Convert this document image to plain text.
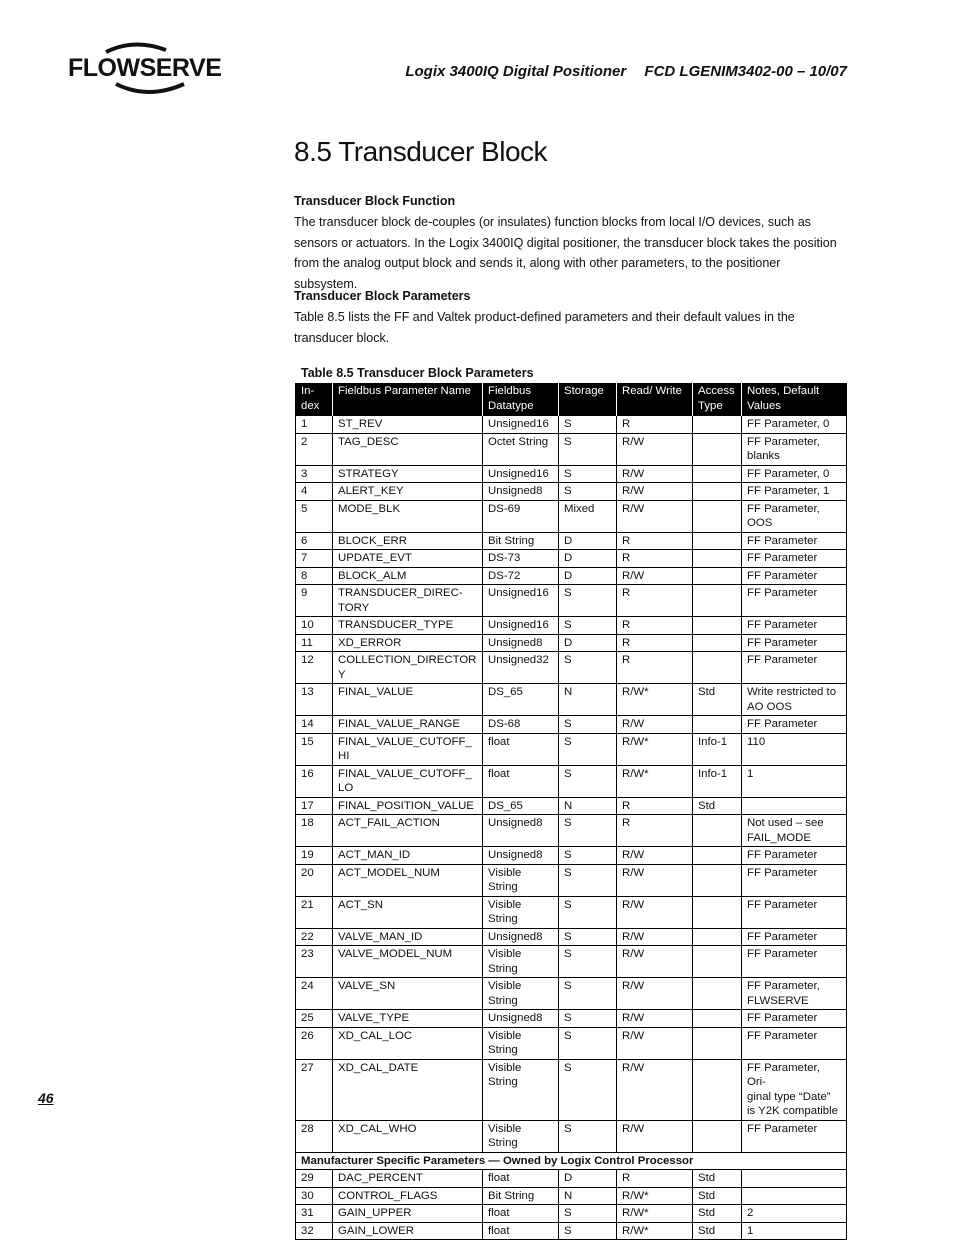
FLOWSERVE	Logix 3400IQ Digital Positioner FCD LGENIM3402-00 – 10/07
8.5 Transducer Block
Transducer Block Function

The transducer block de-couples (or insulates) function blocks from local I/O devices, such as sensors or actuators. In the Logix 3400IQ digital positioner, the transducer block takes the position from the analog output block and sends it, along with other parameters, to the positioner subsystem.

Transducer Block Parameters

Table 8.5 lists the FF and Valtek product-defined parameters and their default values in the transducer block.

Table 8.5 Transducer Block Parameters
In-
dex	Fieldbus Parameter Name	Fieldbus
Datatype	Storage	Read/ Write	Access
Type	Notes, Default
Values
1	ST_REV	Unsigned16	S	R		FF Parameter, 0
2	TAG_DESC	Octet String	S	R/W		FF Parameter,
blanks
3	STRATEGY	Unsigned16	S	R/W		FF Parameter, 0
4	ALERT_KEY	Unsigned8	S	R/W		FF Parameter, 1
5	MODE_BLK	DS-69	Mixed	R/W		FF Parameter,
OOS
6	BLOCK_ERR	Bit String	D	R		FF Parameter
7	UPDATE_EVT	DS-73	D	R		FF Parameter
8	BLOCK_ALM	DS-72	D	R/W		FF Parameter
9	TRANSDUCER_DIREC-
TORY	Unsigned16	S	R		FF Parameter
10	TRANSDUCER_TYPE	Unsigned16	S	R		FF Parameter
11	XD_ERROR	Unsigned8	D	R		FF Parameter
12	COLLECTION_DIRECTORY	Unsigned32	S	R		FF Parameter
13	FINAL_VALUE	DS_65	N	R/W*	Std	Write restricted to
AO OOS
14	FINAL_VALUE_RANGE	DS-68	S	R/W		FF Parameter
15	FINAL_VALUE_CUTOFF_HI	float	S	R/W*	Info-1	110
16	FINAL_VALUE_CUTOFF_LO	float	S	R/W*	Info-1	1
17	FINAL_POSITION_VALUE	DS_65	N	R	Std	
18	ACT_FAIL_ACTION	Unsigned8	S	R		Not used – see
FAIL_MODE
19	ACT_MAN_ID	Unsigned8	S	R/W		FF Parameter
20	ACT_MODEL_NUM	Visible
String	S	R/W		FF Parameter
21	ACT_SN	Visible
String	S	R/W		FF Parameter
22	VALVE_MAN_ID	Unsigned8	S	R/W		FF Parameter
23	VALVE_MODEL_NUM	Visible
String	S	R/W		FF Parameter
24	VALVE_SN	Visible
String	S	R/W		FF Parameter,
FLWSERVE
25	VALVE_TYPE	Unsigned8	S	R/W		FF Parameter
26	XD_CAL_LOC	Visible
String	S	R/W		FF Parameter
27	XD_CAL_DATE	Visible
String	S	R/W		FF Parameter, Ori-
ginal type “Date”
is Y2K compatible
28	XD_CAL_WHO	Visible
String	S	R/W		FF Parameter
Manufacturer Specific Parameters — Owned by Logix Control Processor						
29	DAC_PERCENT	float	D	R	Std	
30	CONTROL_FLAGS	Bit String	N	R/W*	Std	
31	GAIN_UPPER	float	S	R/W*	Std	2
32	GAIN_LOWER	float	S	R/W*	Std	1
46
